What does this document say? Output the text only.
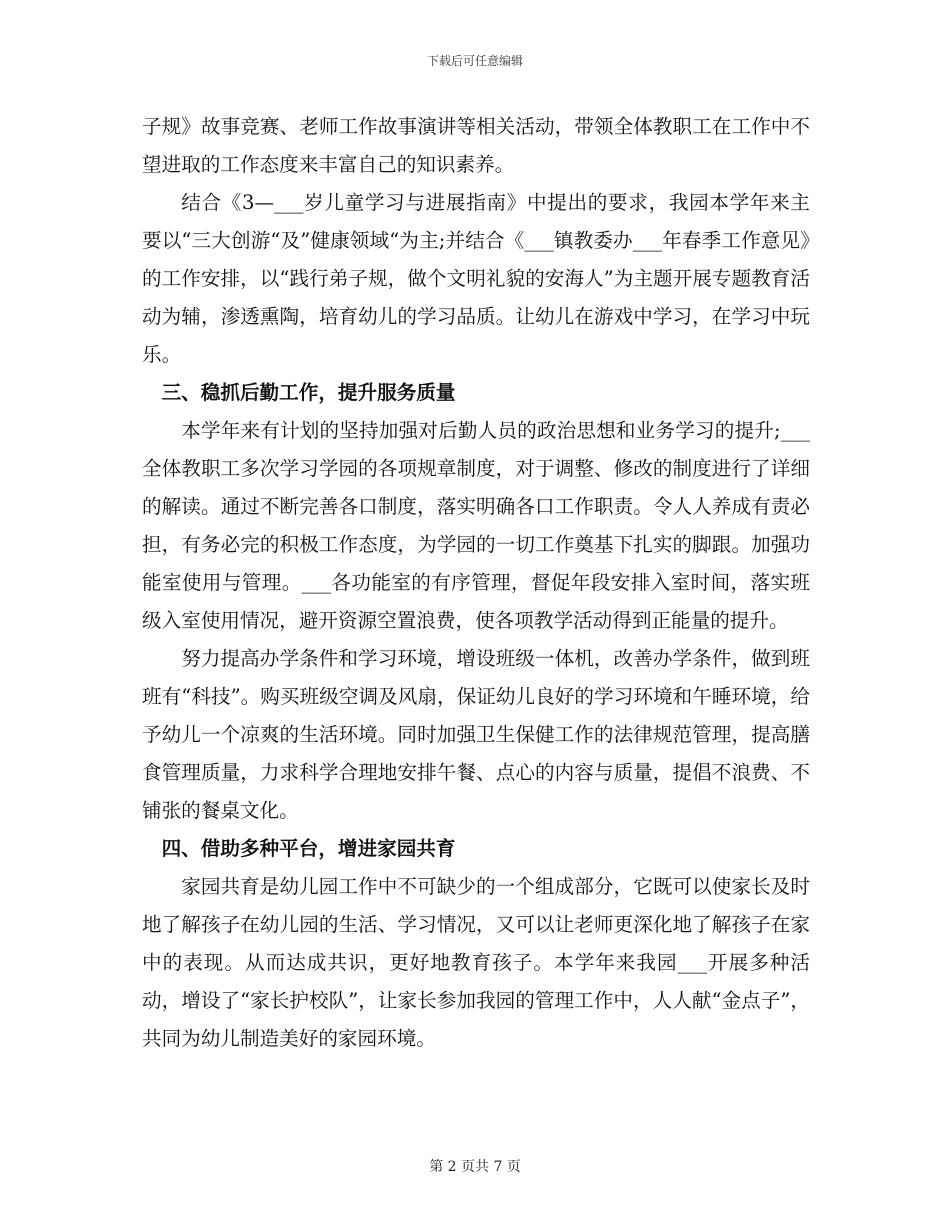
下载后可任意编辑

子规》故事竞赛、老师工作故事演讲等相关活动，带领全体教职工在工作中不望进取的工作态度来丰富自己的知识素养。

结合《3—___岁儿童学习与进展指南》中提出的要求，我园本学年来主要以“三大创游“及”健康领域“为主;并结合《___镇教委办___年春季工作意见》的工作安排，以“践行弟子规，做个文明礼貌的安海人”为主题开展专题教育活动为辅，渗透熏陶，培育幼儿的学习品质。让幼儿在游戏中学习，在学习中玩乐。

三、稳抓后勤工作，提升服务质量

本学年来有计划的坚持加强对后勤人员的政治思想和业务学习的提升;___全体教职工多次学习学园的各项规章制度，对于调整、修改的制度进行了详细的解读。通过不断完善各口制度，落实明确各口工作职责。令人人养成有责必担，有务必完的积极工作态度，为学园的一切工作奠基下扎实的脚跟。加强功能室使用与管理。___各功能室的有序管理，督促年段安排入室时间，落实班级入室使用情况，避开资源空置浪费，使各项教学活动得到正能量的提升。

努力提高办学条件和学习环境，增设班级一体机，改善办学条件，做到班班有“科技”。购买班级空调及风扇，保证幼儿良好的学习环境和午睡环境，给予幼儿一个凉爽的生活环境。同时加强卫生保健工作的法律规范管理，提高膳食管理质量，力求科学合理地安排午餐、点心的内容与质量，提倡不浪费、不铺张的餐桌文化。

四、借助多种平台，增进家园共育

家园共育是幼儿园工作中不可缺少的一个组成部分，它既可以使家长及时地了解孩子在幼儿园的生活、学习情况，又可以让老师更深化地了解孩子在家中的表现。从而达成共识，更好地教育孩子。本学年来我园___开展多种活动，增设了“家长护校队”，让家长参加我园的管理工作中，人人献“金点子”，共同为幼儿制造美好的家园环境。

第 2 页共 7 页
